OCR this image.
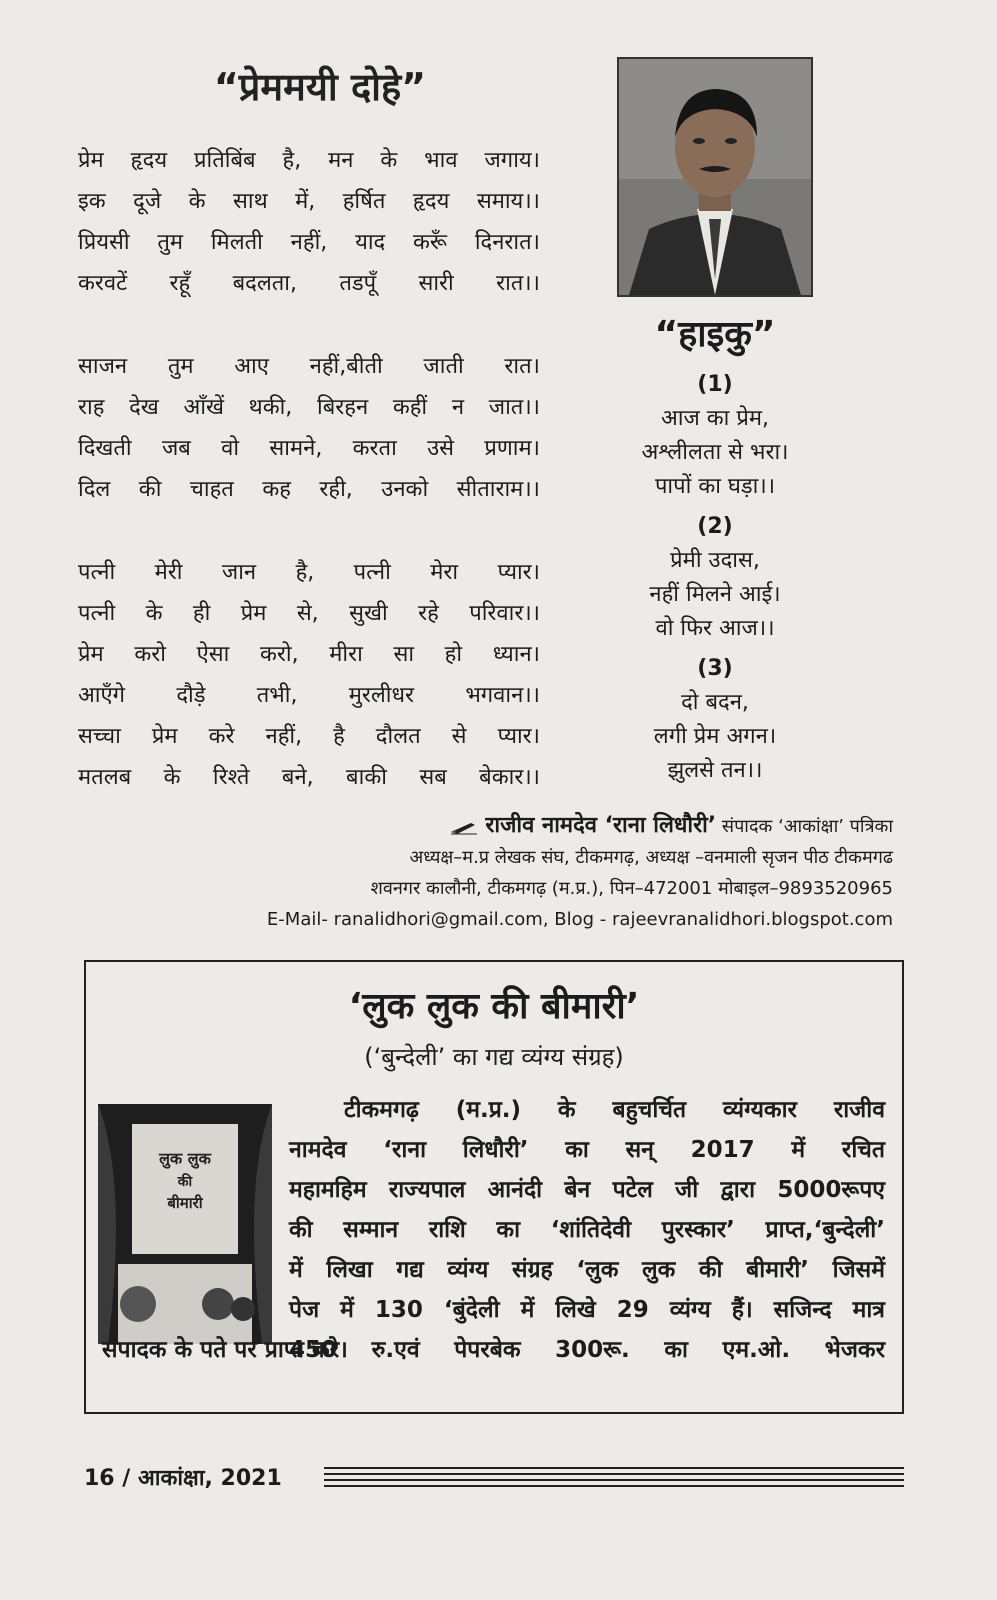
“प्रेममयी दोहे”
प्रेम हृदय प्रतिबिंब है, मन के भाव जगाय।
इक दूजे के साथ में, हर्षित हृदय समाय।।
प्रियसी तुम मिलती नहीं, याद करूँ दिनरात।
करवटें रहूँ बदलता, तडपूँ सारी रात।।
साजन तुम आए नहीं,बीती जाती रात।
राह देख आँखें थकी, बिरहन कहीं न जात।।
दिखती जब वो सामने, करता उसे प्रणाम।
दिल की चाहत कह रही, उनको सीताराम।।
पत्नी मेरी जान है, पत्नी मेरा प्यार।
पत्नी के ही प्रेम से, सुखी रहे परिवार।।
प्रेम करो ऐसा करो, मीरा सा हो ध्यान।
आएँगे दौड़े तभी, मुरलीधर भगवान।।
सच्चा प्रेम करे नहीं, है दौलत से प्यार।
मतलब के रिश्ते बने, बाकी सब बेकार।।
“हाइकु”
(1)
आज का प्रेम,
अश्लीलता से भरा।
पापों का घड़ा।।
(2)
प्रेमी उदास,
नहीं मिलने आई।
वो फिर आज।।
(3)
दो बदन,
लगी प्रेम अगन।
झुलसे तन।।
राजीव नामदेव ‘राना लिधौरी’ संपादक ‘आकांक्षा’ पत्रिका
अध्यक्ष–म.प्र लेखक संघ, टीकमगढ़, अध्यक्ष –वनमाली सृजन पीठ टीकमगढ
शवनगर कालौनी, टीकमगढ़ (म.प्र.), पिन–472001 मोबाइल–9893520965
E-Mail- ranalidhori@gmail.com, Blog - rajeevranalidhori.blogspot.com
‘लुक लुक की बीमारी’
(‘बुन्देली’ का गद्य व्यंग्य संग्रह)
लुक लुक
की
बीमारी
टीकमगढ़ (म.प्र.) के बहुचर्चित व्यंग्यकार राजीव
नामदेव ‘राना लिधौरी’ का सन् 2017 में रचित
महामहिम राज्यपाल आनंदी बेन पटेल जी द्वारा 5000रूपए
की सम्मान राशि का ‘शांतिदेवी पुरस्कार’ प्राप्त,‘बुन्देली’
में लिखा गद्य व्यंग्य संग्रह ‘लुक लुक की बीमारी’ जिसमें
पेज में 130 ‘बुंदेली में लिखे 29 व्यंग्य हैं। सजिन्द मात्र
450 रु.एवं पेपरबेक 300रू. का एम.ओ. भेजकर
संपादक के पते पर प्राप्त करे।
16 / आकांक्षा, 2021
